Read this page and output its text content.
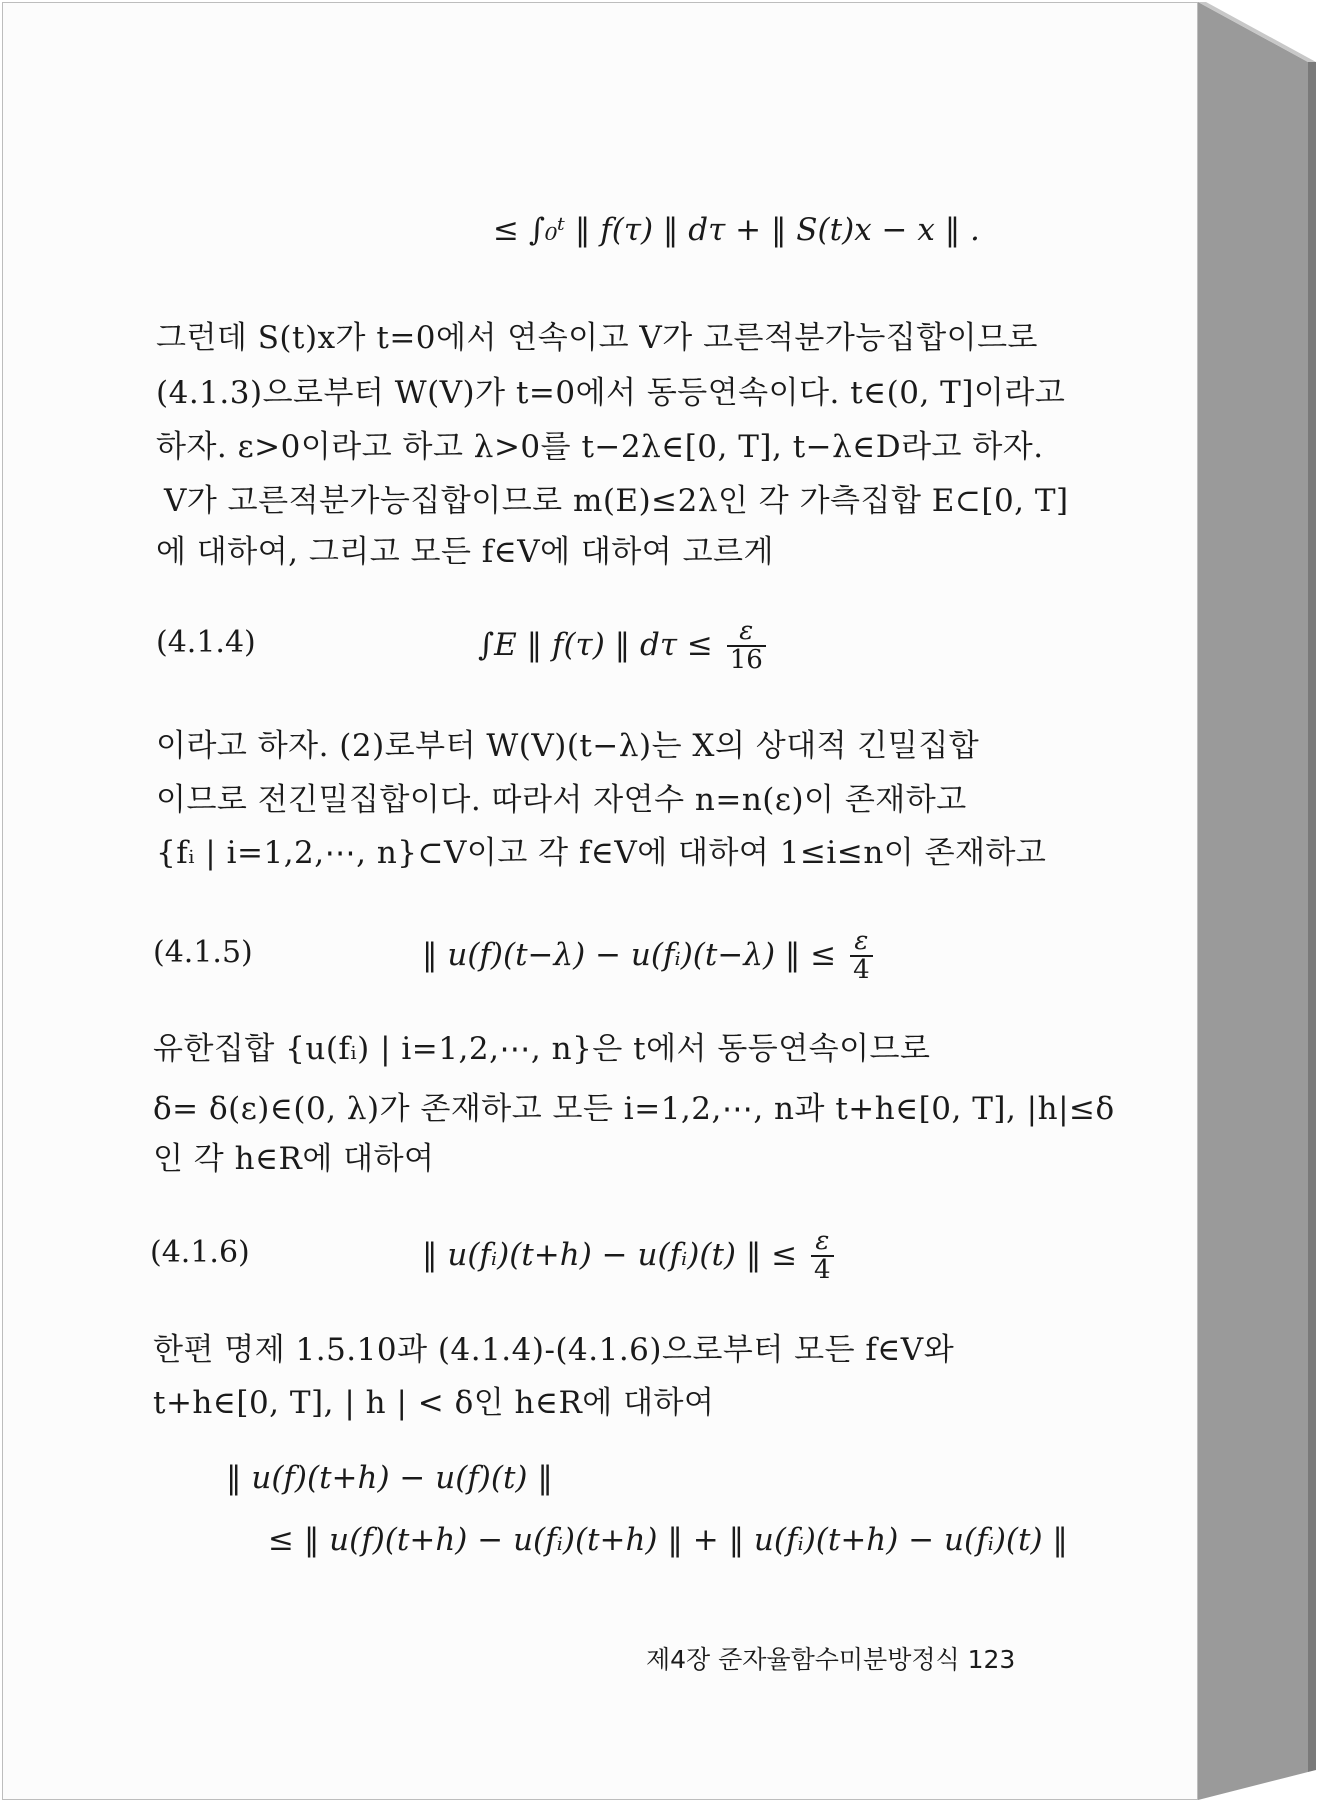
≤ ∫₀ᵗ ‖ f(τ) ‖ dτ + ‖ S(t)x − x ‖ .
그런데 S(t)x가 t=0에서 연속이고 V가 고른적분가능집합이므로
(4.1.3)으로부터 W(V)가 t=0에서 동등연속이다. t∈(0, T]이라고
하자. ε>0이라고 하고 λ>0를 t−2λ∈[0, T], t−λ∈D라고 하자.
V가 고른적분가능집합이므로 m(E)≤2λ인 각 가측집합 E⊂[0, T]
에 대하여, 그리고 모든 f∈V에 대하여 고르게
(4.1.4)	∫E ‖ f(τ) ‖ $d\tau \le \frac{\varepsilon}{16}$
이라고 하자. (2)로부터 W(V)(t−λ)는 X의 상대적 긴밀집합
이므로 전긴밀집합이다. 따라서 자연수 n=n(ε)이 존재하고
{fᵢ | i=1,2,⋯, n}⊂V이고 각 f∈V에 대하여 1≤i≤n이 존재하고
(4.1.5)	‖ u(f)(t−λ) − u(fᵢ)(t−λ) ‖ ≤ $\frac{\varepsilon}{4}$
유한집합 {u(fᵢ) | i=1,2,⋯, n}은 t에서 동등연속이므로
δ= δ(ε)∈(0, λ)가 존재하고 모든 i=1,2,⋯, n과 t+h∈[0, T], |h|≤δ
인 각 h∈R에 대하여
(4.1.6)	‖ u(fᵢ)(t+h) − u(fᵢ)(t) ‖ ≤ $\frac{\varepsilon}{4}$
한편 명제 1.5.10과 (4.1.4)-(4.1.6)으로부터 모든 f∈V와
t+h∈[0, T], | h | < δ인 h∈R에 대하여
‖ u(f)(t+h) − u(f)(t) ‖
≤ ‖ u(f)(t+h) − u(fᵢ)(t+h) ‖ + ‖ u(fᵢ)(t+h) − u(fᵢ)(t) ‖
제4장 준자율함수미분방정식 123
